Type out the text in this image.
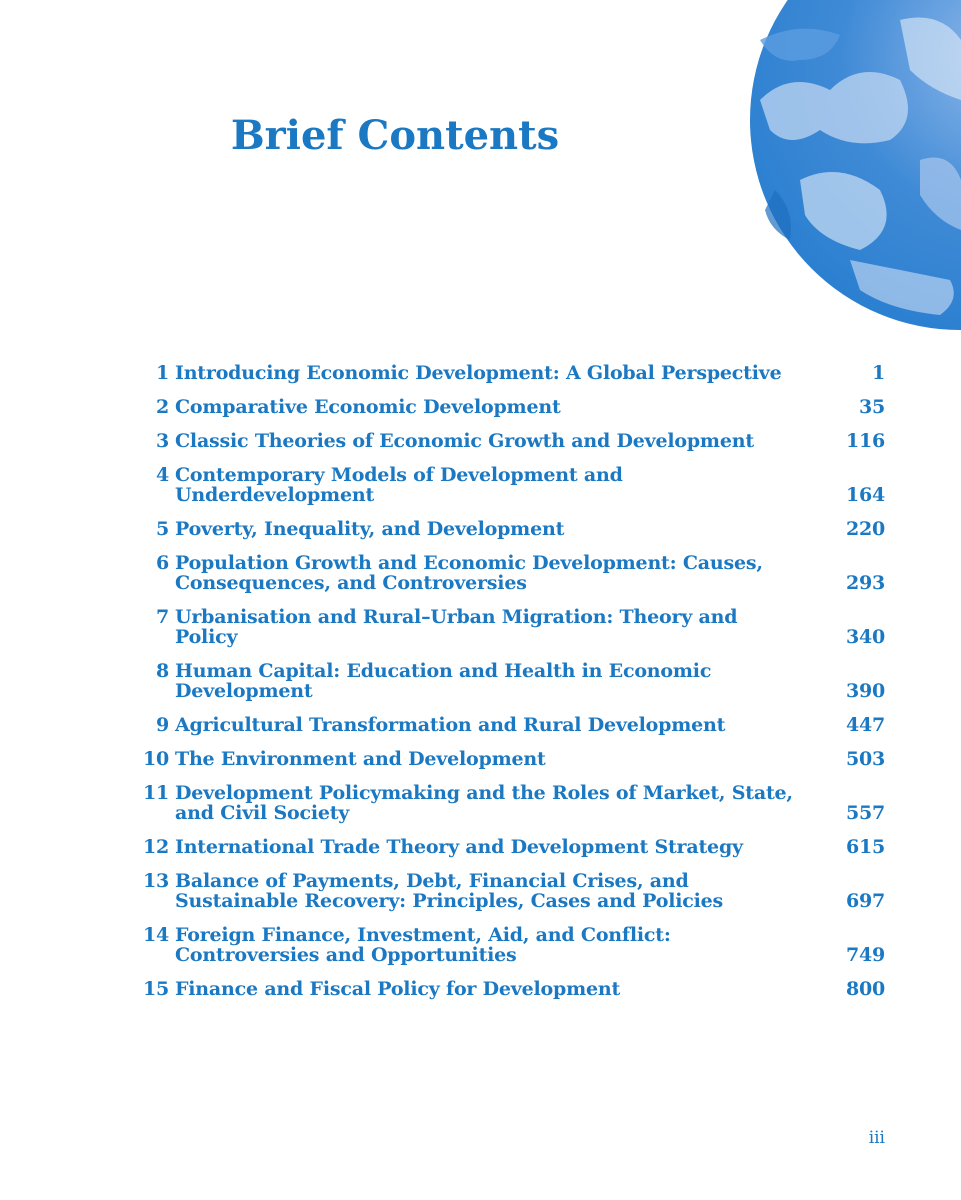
Brief Contents
1 Introducing Economic Development: A Global Perspective	1
2 Comparative Economic Development	35
3 Classic Theories of Economic Growth and Development	116
4 Contemporary Models of Development and Underdevelopment	164
5 Poverty, Inequality, and Development	220
6 Population Growth and Economic Development: Causes, Consequences, and Controversies	293
7 Urbanisation and Rural–Urban Migration: Theory and Policy	340
8 Human Capital: Education and Health in Economic Development	390
9 Agricultural Transformation and Rural Development	447
10 The Environment and Development	503
11 Development Policymaking and the Roles of Market, State, and Civil Society	557
12 International Trade Theory and Development Strategy	615
13 Balance of Payments, Debt, Financial Crises, and Sustainable Recovery: Principles, Cases and Policies	697
14 Foreign Finance, Investment, Aid, and Conflict: Controversies and Opportunities	749
15 Finance and Fiscal Policy for Development	800
iii
